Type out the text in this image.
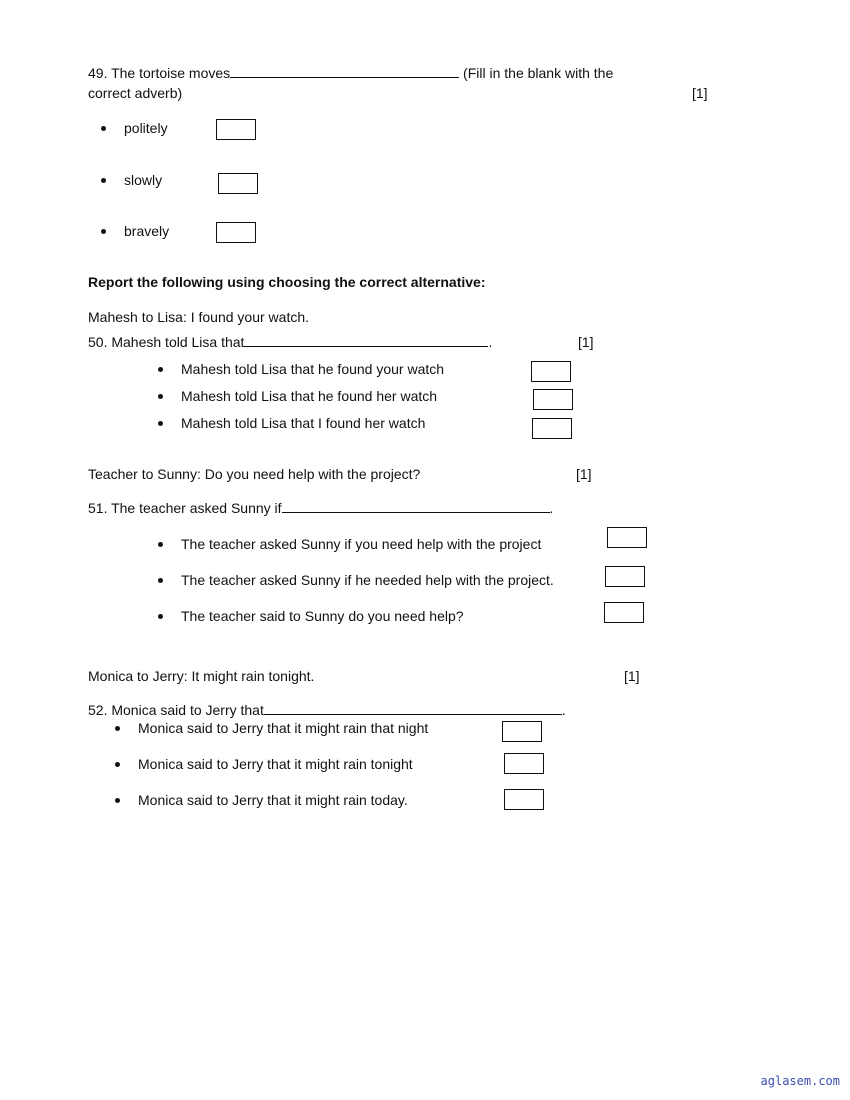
49. The tortoise moves	(Fill in the blank with the
correct adverb)	[1]
politely
slowly
bravely
Report the following using choosing the correct alternative:
Mahesh to Lisa: I found your watch.
50. Mahesh told Lisa that	.	[1]
Mahesh told Lisa that he found your watch
Mahesh told Lisa that he found her watch
Mahesh told Lisa that I found her watch
Teacher to Sunny: Do you need help with the project?	[1]
51. The teacher asked Sunny if	.
The teacher asked Sunny if you need help with the project
The teacher asked Sunny if he needed help with the project.
The teacher said to Sunny do you need help?
Monica to Jerry: It might rain tonight.	[1]
52. Monica said to Jerry that	.
Monica said to Jerry that it might rain that night
Monica said to Jerry that it might rain tonight
Monica said to Jerry that it might rain today.
aglasem.com
